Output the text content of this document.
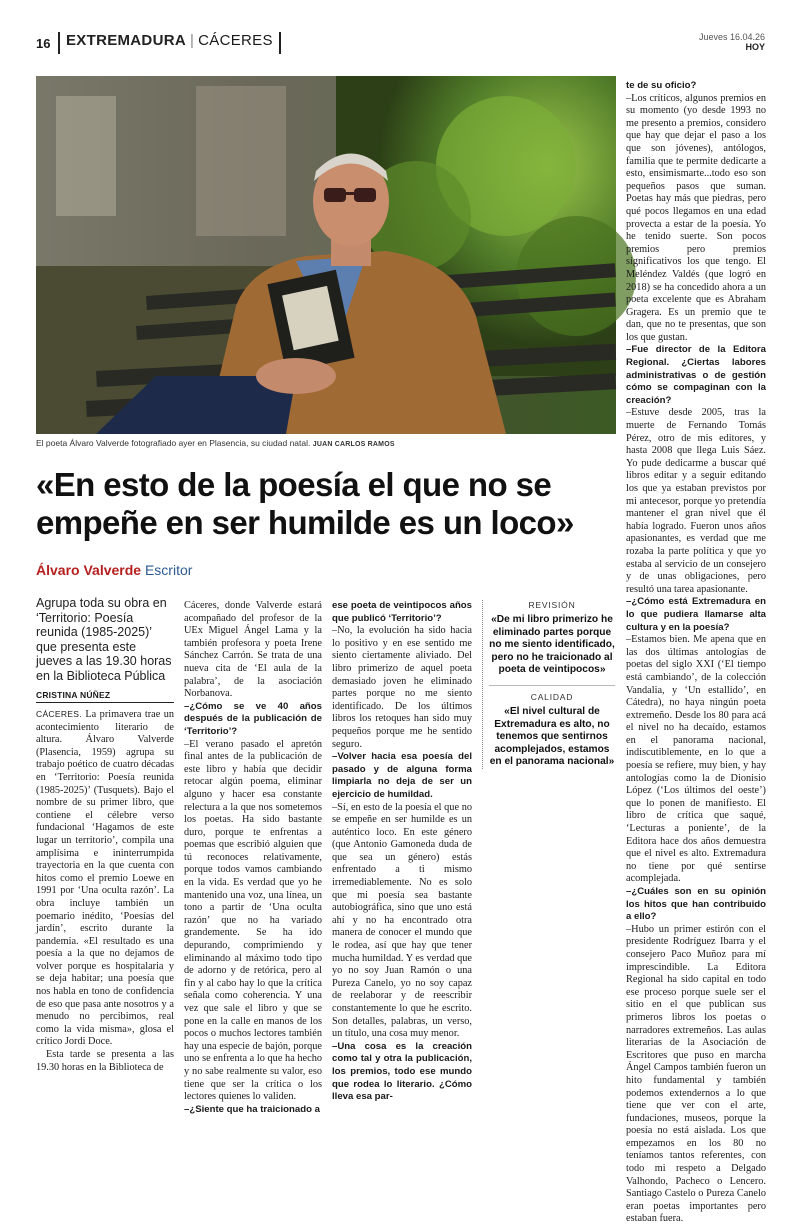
16	EXTREMADURA | CÁCERES	Jueves 16.04.26
HOY
El poeta Álvaro Valverde fotografiado ayer en Plasencia, su ciudad natal. JUAN CARLOS RAMOS
«En esto de la poesía el que no se empeñe en ser humilde es un loco»
Álvaro Valverde Escritor

Agrupa toda su obra en ‘Territorio: Poesía reunida (1985-2025)’ que presenta este jueves a las 19.30 horas en la Biblioteca Pública

CRISTINA NÚÑEZ

CÁCERES. La primavera trae un acontecimiento literario de altura. Álvaro Valverde (Plasencia, 1959) agrupa su trabajo poético de cuatro décadas en ‘Territorio: Poesía reunida (1985-2025)’ (Tusquets). Bajo el nombre de su primer libro, que contiene el célebre verso fundacional ‘Hagamos de este lugar un territorio’, compila una amplísima e ininterrumpida trayectoria en la que cuenta con hitos como el premio Loewe en 1991 por ‘Una oculta razón’. La obra incluye también un poemario inédito, ‘Poesías del jardín’, escrito durante la pandemia. «El resultado es una poesía a la que no dejamos de volver porque es hospitalaria y se deja habitar; una poesía que nos habla en tono de confidencia de eso que pasa ante nosotros y a menudo no percibimos, real como la vida misma», glosa el crítico Jordi Doce.

Esta tarde se presenta a las 19.30 horas en la Biblioteca de

Cáceres, donde Valverde estará acompañado del profesor de la UEx Miguel Ángel Lama y la también profesora y poeta Irene Sánchez Carrón. Se trata de una nueva cita de ‘El aula de la palabra’, de la asociación Norbanova.

–¿Cómo se ve 40 años después de la publicación de ‘Territorio’?

–El verano pasado el apretón final antes de la publicación de este libro y había que decidir retocar algún poema, eliminar alguno y hacer esa constante relectura a la que nos sometemos los poetas. Ha sido bastante duro, porque te enfrentas a poemas que escribió alguien que tú reconoces relativamente, porque todos vamos cambiando en la vida. Es verdad que yo he mantenido una voz, una línea, un tono a partir de ‘Una oculta razón’ que no ha variado grandemente. Se ha ido depurando, comprimiendo y eliminando al máximo todo tipo de adorno y de retórica, pero al fin y al cabo hay lo que la crítica señala como coherencia. Y una vez que sale el libro y que se pone en la calle en manos de los pocos o muchos lectores también hay una especie de bajón, porque uno se enfrenta a lo que ha hecho y no sabe realmente su valor, eso tiene que ser la crítica o los lectores quienes lo validen.

–¿Siente que ha traicionado a

ese poeta de veintipocos años que publicó ‘Territorio’?

–No, la evolución ha sido hacia lo positivo y en ese sentido me siento ciertamente aliviado. Del libro primerizo de aquel poeta demasiado joven he eliminado partes porque no me siento identificado. De los últimos libros los retoques han sido muy pequeños porque me he sentido seguro.

–Volver hacia esa poesía del pasado y de alguna forma limpiarla no deja de ser un ejercicio de humildad.

–Sí, en esto de la poesía el que no se empeñe en ser humilde es un auténtico loco. En este género (que Antonio Gamoneda duda de que sea un género) estás enfrentado a ti mismo irremediablemente. No es solo que mi poesía sea bastante autobiográfica, sino que uno está ahí y no ha encontrado otra manera de conocer el mundo que le rodea, así que hay que tener mucha humildad. Y es verdad que yo no soy Juan Ramón o una Pureza Canelo, yo no soy capaz de reelaborar y de reescribir constantemente lo que he escrito. Son detalles, palabras, un verso, un título, una cosa muy menor.

–Una cosa es la creación como tal y otra la publicación, los premios, todo ese mundo que rodea lo literario. ¿Cómo lleva esa par-

te de su oficio?

–Los críticos, algunos premios en su momento (yo desde 1993 no me presento a premios, considero que hay que dejar el paso a los que son jóvenes), antólogos, familia que te permite dedicarte a esto, ensimismarte...todo eso son pequeños pasos que suman. Poetas hay más que piedras, pero qué pocos llegamos en una edad provecta a estar de la poesía. Yo he tenido suerte. Son pocos premios pero premios significativos los que tengo. El Meléndez Valdés (que logró en 2018) se ha concedido ahora a un poeta excelente que es Abraham Gragera. Es un premio que te dan, que no te presentas, que son los que gustan.

–Fue director de la Editora Regional. ¿Ciertas labores administrativas o de gestión cómo se compaginan con la creación?

–Estuve desde 2005, tras la muerte de Fernando Tomás Pérez, otro de mis editores, y hasta 2008 que llega Luis Sáez. Yo pude dedicarme a buscar qué libros editar y a seguir editando los que ya estaban previstos por mi antecesor, porque yo pretendía mantener el gran nivel que él había logrado. Fueron unos años apasionantes, es verdad que me rozaba la parte política y que yo estaba al servicio de un consejero y de unas obligaciones, pero resultó una tarea apasionante.

–¿Cómo está Extremadura en lo que pudiera llamarse alta cultura y en la poesía?

–Estamos bien. Me apena que en las dos últimas antologías de poetas del siglo XXI (‘El tiempo está cambiando’, de la colección Vandalia, y ‘Un estallido’, en Cátedra), no haya ningún poeta extremeño. Desde los 80 para acá el nivel no ha decaído, estamos en el panorama nacional, indiscutiblemente, en lo que a poesía se refiere, muy bien, y hay antologías como la de Dionisio López (‘Los últimos del oeste’) que lo ponen de manifiesto. El libro de crítica que saqué, ‘Lecturas a poniente’, de la Editora hace dos años demuestra que el nivel es alto. Extremadura no tiene por qué sentirse acomplejada.

–¿Cuáles son en su opinión los hitos que han contribuido a ello?

–Hubo un primer estirón con el presidente Rodríguez Ibarra y el consejero Paco Muñoz para mí imprescindible. La Editora Regional ha sido capital en todo ese proceso porque suele ser el sitio en el que publican sus primeros libros los poetas o narradores extremeños. Las aulas literarias de la Asociación de Escritores que puso en marcha Ángel Campos también fueron un hito fundamental y también podemos extendernos a lo que tiene que ver con el arte, fundaciones, museos, porque la poesía no está aislada. Los que empezamos en los 80 no teníamos tantos referentes, con todo mi respeto a Delgado Valhondo, Pacheco o Lencero. Santiago Castelo o Pureza Canelo eran poetas importantes pero estaban fuera.

REVISIÓN
«De mi libro primerizo he eliminado partes porque no me siento identificado, pero no he traicionado al poeta de veintipocos»
CALIDAD
«El nivel cultural de Extremadura es alto, no tenemos que sentirnos acomplejados, estamos en el panorama nacional»
